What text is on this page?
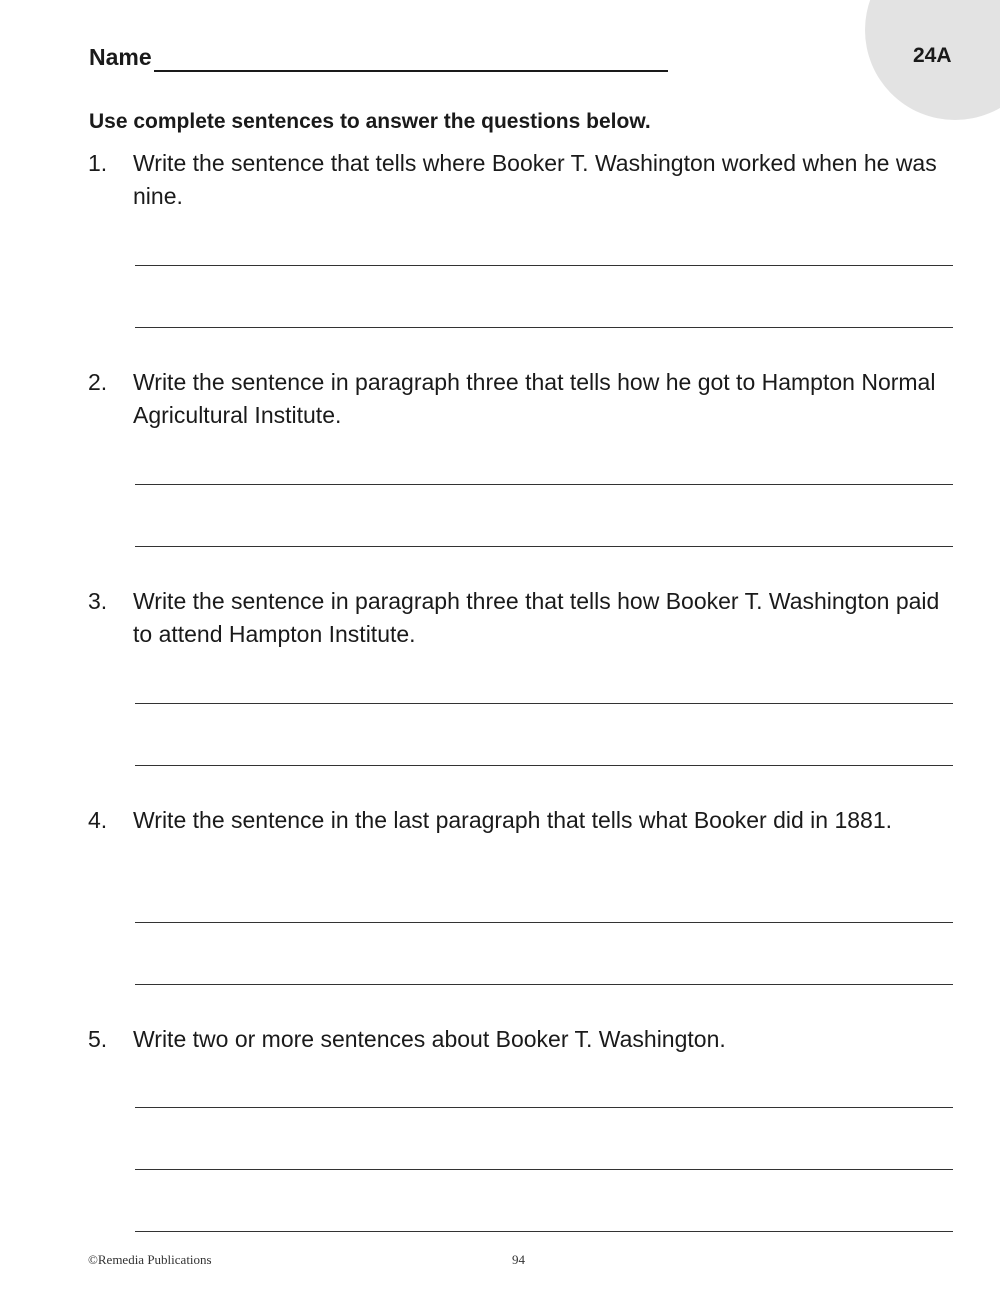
24A
Name
Use complete sentences to answer the questions below.
1. Write the sentence that tells where Booker T. Washington worked when he was nine.
2. Write the sentence in paragraph three that tells how he got to Hampton Normal Agricultural Institute.
3. Write the sentence in paragraph three that tells how Booker T. Washington paid to attend Hampton Institute.
4. Write the sentence in the last paragraph that tells what Booker did in 1881.
5. Write two or more sentences about Booker T. Washington.
©Remedia Publications	94
